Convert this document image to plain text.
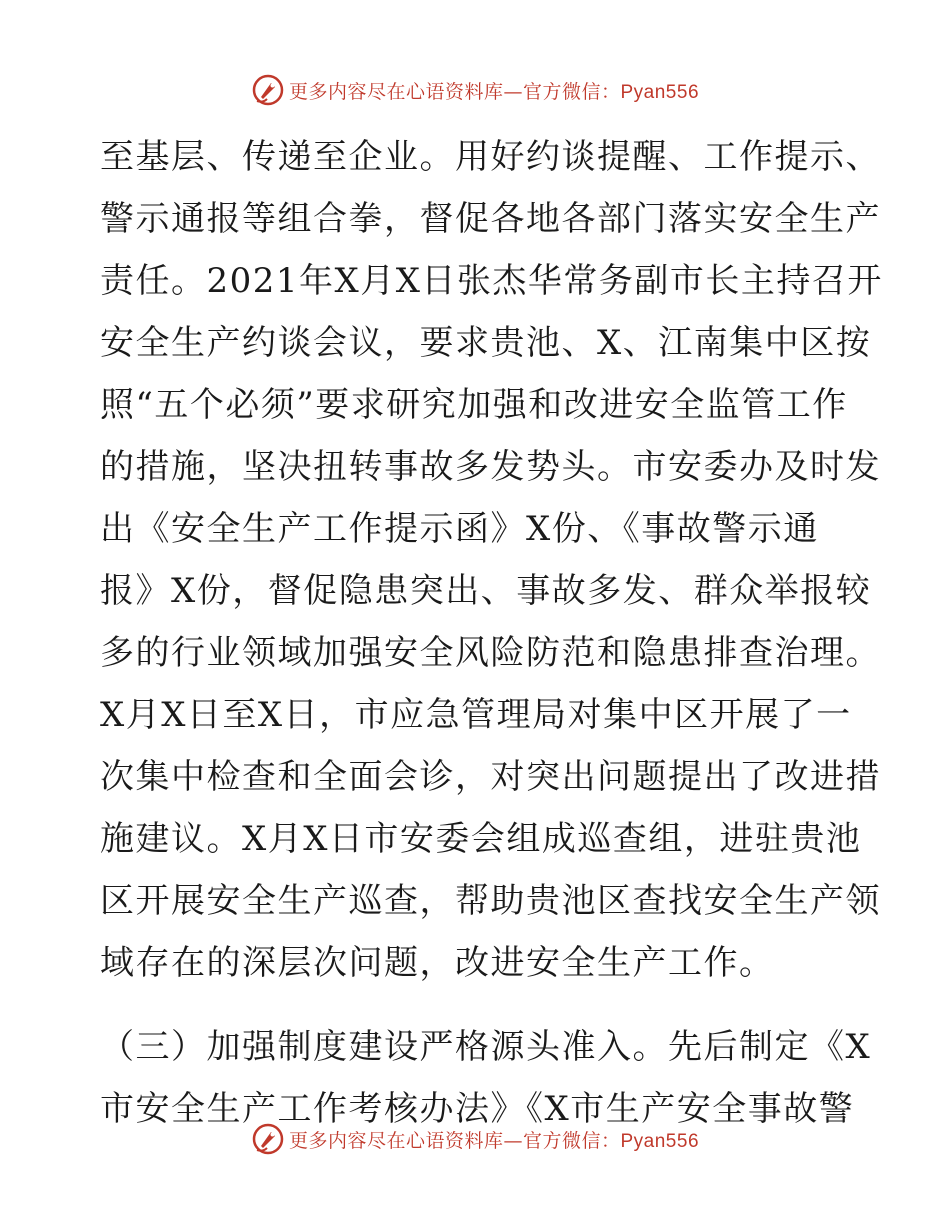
更多内容尽在心语资料库—官方微信：Pyan556
至基层、传递至企业。用好约谈提醒、工作提示、
警示通报等组合拳，督促各地各部门落实安全生产
责任。2021年X月X日张杰华常务副市长主持召开
安全生产约谈会议，要求贵池、X、江南集中区按
照“五个必须”要求研究加强和改进安全监管工作
的措施，坚决扭转事故多发势头。市安委办及时发
出《安全生产工作提示函》X份、《事故警示通
报》X份，督促隐患突出、事故多发、群众举报较
多的行业领域加强安全风险防范和隐患排查治理。
X月X日至X日，市应急管理局对集中区开展了一
次集中检查和全面会诊，对突出问题提出了改进措
施建议。X月X日市安委会组成巡查组，进驻贵池
区开展安全生产巡查，帮助贵池区查找安全生产领
域存在的深层次问题，改进安全生产工作。
（三）加强制度建设严格源头准入。先后制定《X
市安全生产工作考核办法》《X市生产安全事故警
更多内容尽在心语资料库—官方微信：Pyan556
